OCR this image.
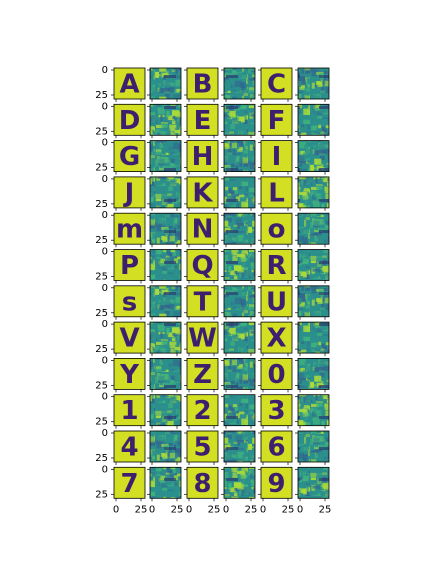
A B C
0
25
D E F
0
25
G H I
0
25
J K L
0
25
m N o
0
25
P Q R
0
25
s T U
0
25
V W X
0
25
Y Z 0
0
25
1 2 3
0
25
4 5 6
0
25
7 8 9
0
25
0 25 0 25 0 25 0 25 0 25 0 25
